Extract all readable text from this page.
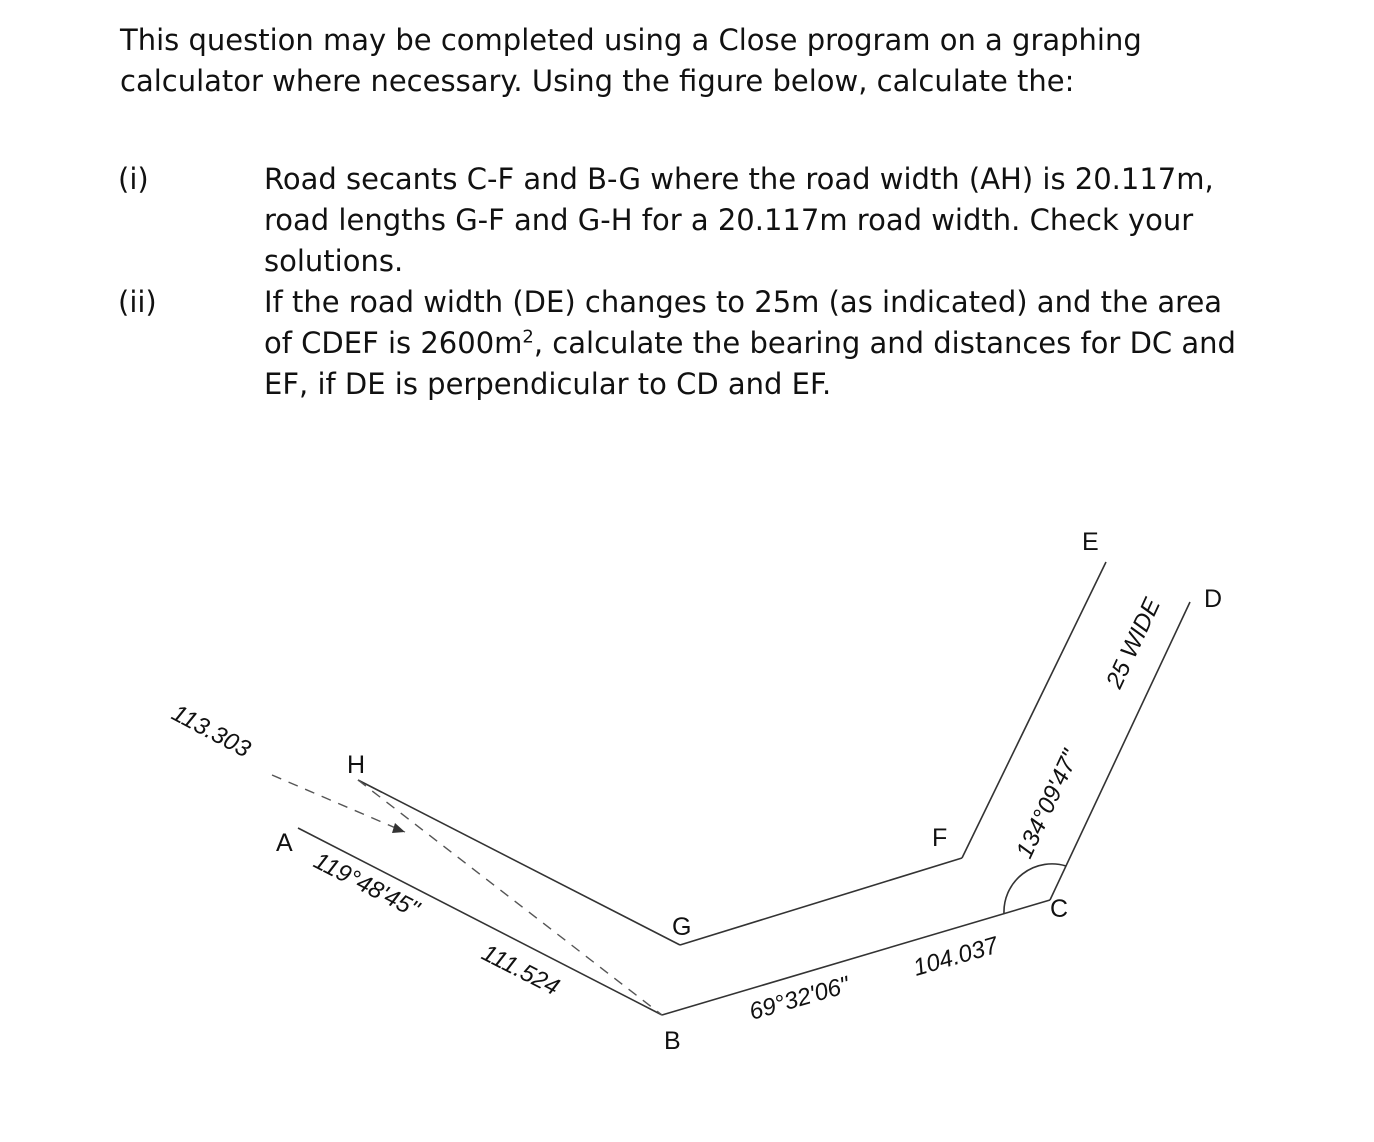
This question may be completed using a Close program on a graphing
calculator where necessary. Using the figure below, calculate the:

(i)	Road secants C-F and B-G where the road width (AH) is 20.117m,
road lengths G-F and G-H for a 20.117m road width. Check your
solutions.

(ii)	If the road width (DE) changes to 25m (as indicated) and the area
of CDEF is $2600m^2$, calculate the bearing and distances for DC and
EF, if DE is perpendicular to CD and EF.

H
A
G
B
F
C
E
D
113.303
119°48'45"
111.524	69°32'06"
104.037
134°09'47"
25 WIDE
